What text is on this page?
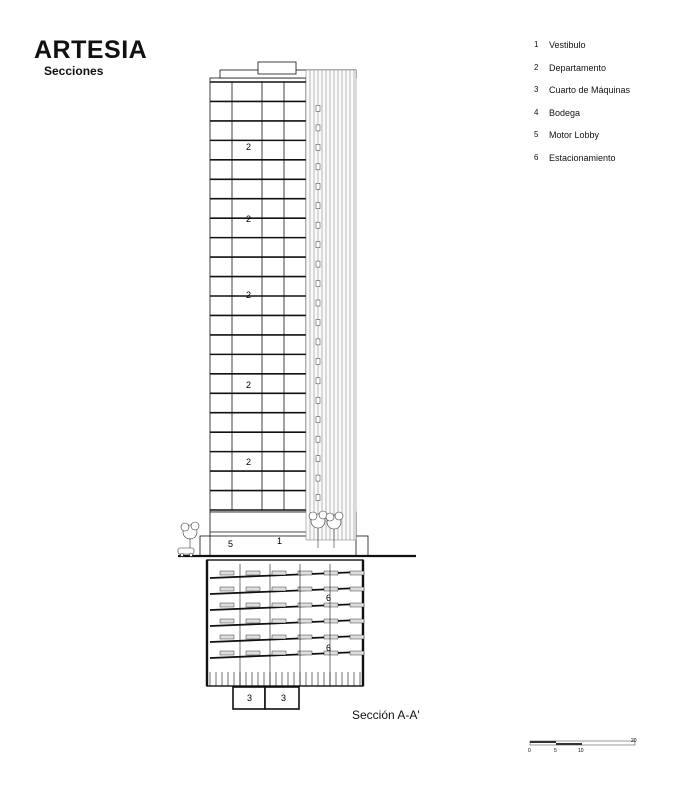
ARTESIA
Secciones
1	Vestibulo
2	Departamento
3	Cuarto de Máquinas
4	Bodega
5	Motor Lobby
6	Estacionamiento
2
2
2
2
2
5	1
6
6
3	3
0	5	10
20
Sección A-A'
